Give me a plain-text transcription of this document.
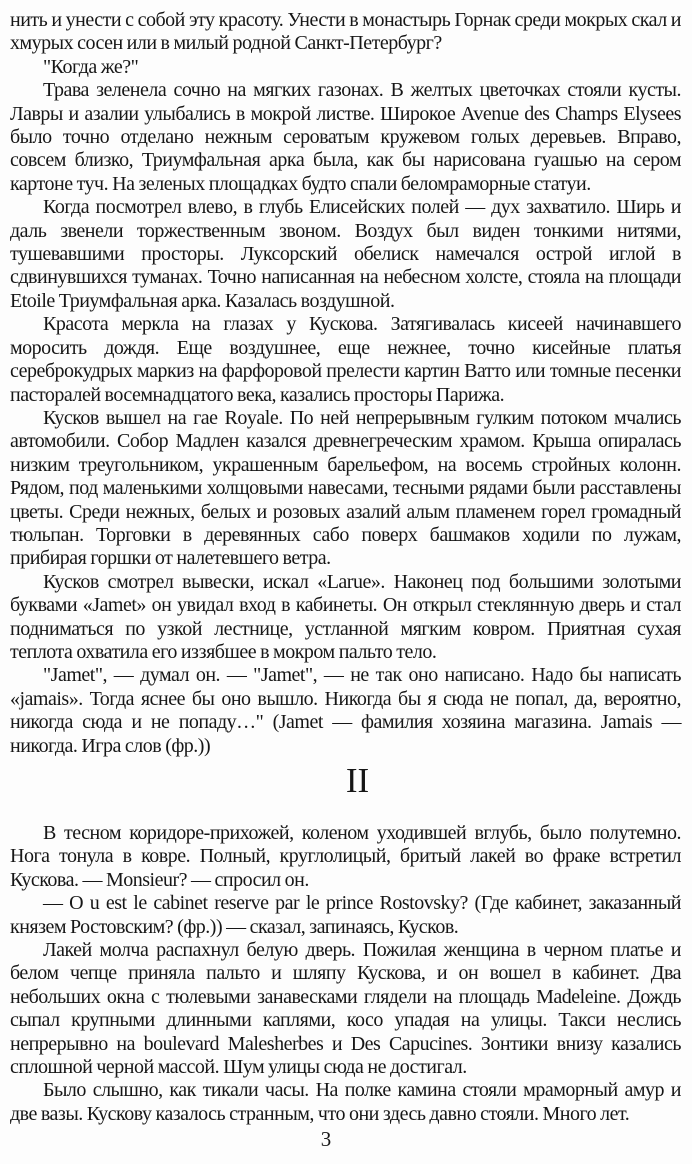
нить и унести с собой эту красоту. Унести в монастырь Горнак среди мокрых скал и хмурых сосен или в милый родной Санкт-Петербург?

"Когда же?"

Трава зеленела сочно на мягких газонах. В желтых цветочках стояли кусты. Лавры и азалии улыбались в мокрой листве. Широкое Avenue des Champs Elysees было точно отделано нежным сероватым кружевом голых деревьев. Вправо, совсем близко, Триумфальная арка была, как бы нарисована гуашью на сером картоне туч. На зеленых площадках будто спали беломраморные статуи.

Когда посмотрел влево, в глубь Елисейских полей — дух захватило. Ширь и даль звенели торжественным звоном. Воздух был виден тонкими нитями, тушевавшими просторы. Луксорский обелиск намечался острой иглой в сдвинувшихся туманах. Точно написанная на небесном холсте, стояла на площади Etoile Триумфальная арка. Казалась воздушной.

Красота меркла на глазах у Кускова. Затягивалась кисеей начинавшего моросить дождя. Еще воздушнее, еще нежнее, точно кисейные платья сереброкудрых маркиз на фарфоровой прелести картин Ватто или томные песенки пасторалей восемнадцатого века, казались просторы Парижа.

Кусков вышел на гае Royale. По ней непрерывным гулким потоком мчались автомобили. Собор Мадлен казался древнегреческим храмом. Крыша опиралась низким треугольником, украшенным барельефом, на восемь стройных колонн. Рядом, под маленькими холщовыми навесами, тесными рядами были расставлены цветы. Среди нежных, белых и розовых азалий алым пламенем горел громадный тюльпан. Торговки в деревянных сабо поверх башмаков ходили по лужам, прибирая горшки от налетевшего ветра.

Кусков смотрел вывески, искал «Larue». Наконец под большими золотыми буквами «Jamet» он увидал вход в кабинеты. Он открыл стеклянную дверь и стал подниматься по узкой лестнице, устланной мягким ковром. Приятная сухая теплота охватила его иззябшее в мокром пальто тело.

"Jamet", — думал он. — "Jamet", — не так оно написано. Надо бы написать «jamais». Тогда яснее бы оно вышло. Никогда бы я сюда не попал, да, вероятно, никогда сюда и не попаду…" (Jamet — фамилия хозяина магазина. Jamais — никогда. Игра слов (фр.))

II

В тесном коридоре-прихожей, коленом уходившей вглубь, было полутемно. Нога тонула в ковре. Полный, круглолицый, бритый лакей во фраке встретил Кускова. — Monsieur? — спросил он.

— O u est le cabinet reserve par le prince Rostovsky? (Где кабинет, заказанный князем Ростовским? (фр.)) — сказал, запинаясь, Кусков.

Лакей молча распахнул белую дверь. Пожилая женщина в черном платье и белом чепце приняла пальто и шляпу Кускова, и он вошел в кабинет. Два небольших окна с тюлевыми занавесками глядели на площадь Madeleine. Дождь сыпал крупными длинными каплями, косо упадая на улицы. Такси неслись непрерывно на boulevard Malesherbes и Des Capucines. Зонтики внизу казались сплошной черной массой. Шум улицы сюда не достигал.

Было слышно, как тикали часы. На полке камина стояли мраморный амур и две вазы. Кускову казалось странным, что они здесь давно стояли. Много лет.

3
